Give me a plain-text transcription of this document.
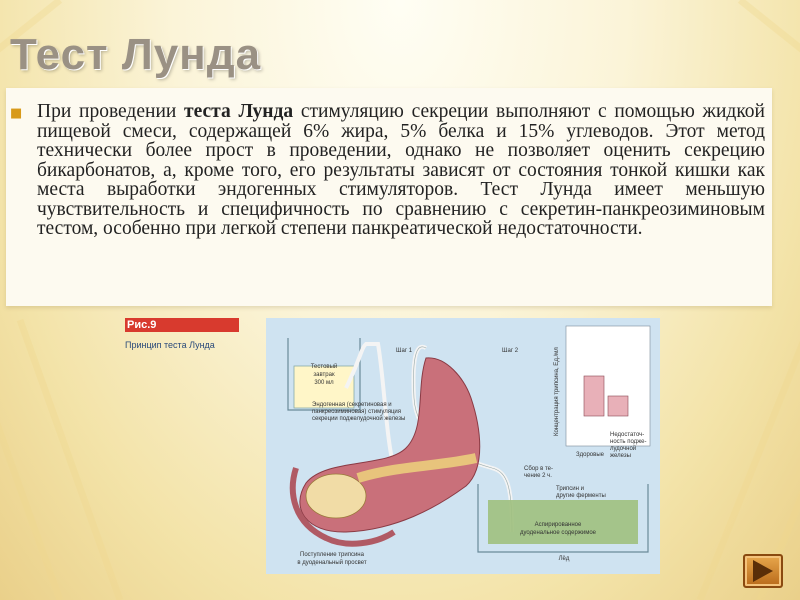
Тест Лунда
■ При проведении теста Лунда стимуляцию секреции выполняют с помощью жидкой пищевой смеси, содержащей 6% жира, 5% белка и 15% углеводов. Этот метод технически более прост в проведении, однако не позволяет оценить секрецию бикарбонатов, а, кроме того, его результаты зависят от состояния тонкой кишки как места выработки эндогенных стимуляторов. Тест Лунда имеет меньшую чувствительность и специфичность по сравнению с секретин-панкреозиминовым тестом, особенно при легкой степени панкреатической недостаточности.
Рис.9
Принцип теста Лунда
Тестовый
завтрак
300 мл
Шаг 1	Шаг 2
Эндогенная (секретиновая и
панкреозиминовая) стимуляция
секреции поджелудочной железы
Сбор в те-
чение 2 ч.
Трипсин и
другие ферменты
Аспирированное
дуоденальное содержимое
Лёд
Поступление трипсина
в дуоденальный просвет
Концентрация трипсина, Ед./мл
Здоровые
Недостаточ-
ность подже-
лудочной
железы
